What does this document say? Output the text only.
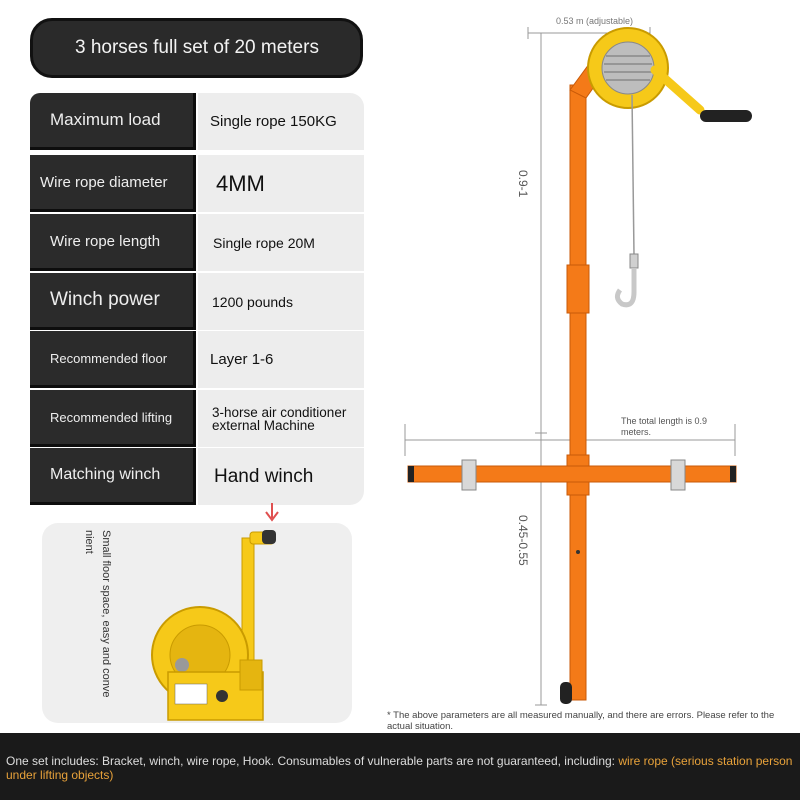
3 horses full set of 20 meters
Maximum load	Single rope 150KG
Wire rope diameter	4MM
Wire rope length	Single rope 20M
Winch power	1200 pounds
Recommended floor	Layer 1-6
Recommended lifting	3-horse air conditioner external Machine
Matching winch	Hand winch
Small floor space, easy and conve
nient
0.53 m (adjustable)
0.9-1
0.45-0.55
The total length is 0.9 meters.
* The above parameters are all measured manually, and there are errors. Please refer to the actual situation.
One set includes: Bracket, winch, wire rope, Hook. Consumables of vulnerable parts are not guaranteed, including: wire rope (serious station person under lifting objects)
